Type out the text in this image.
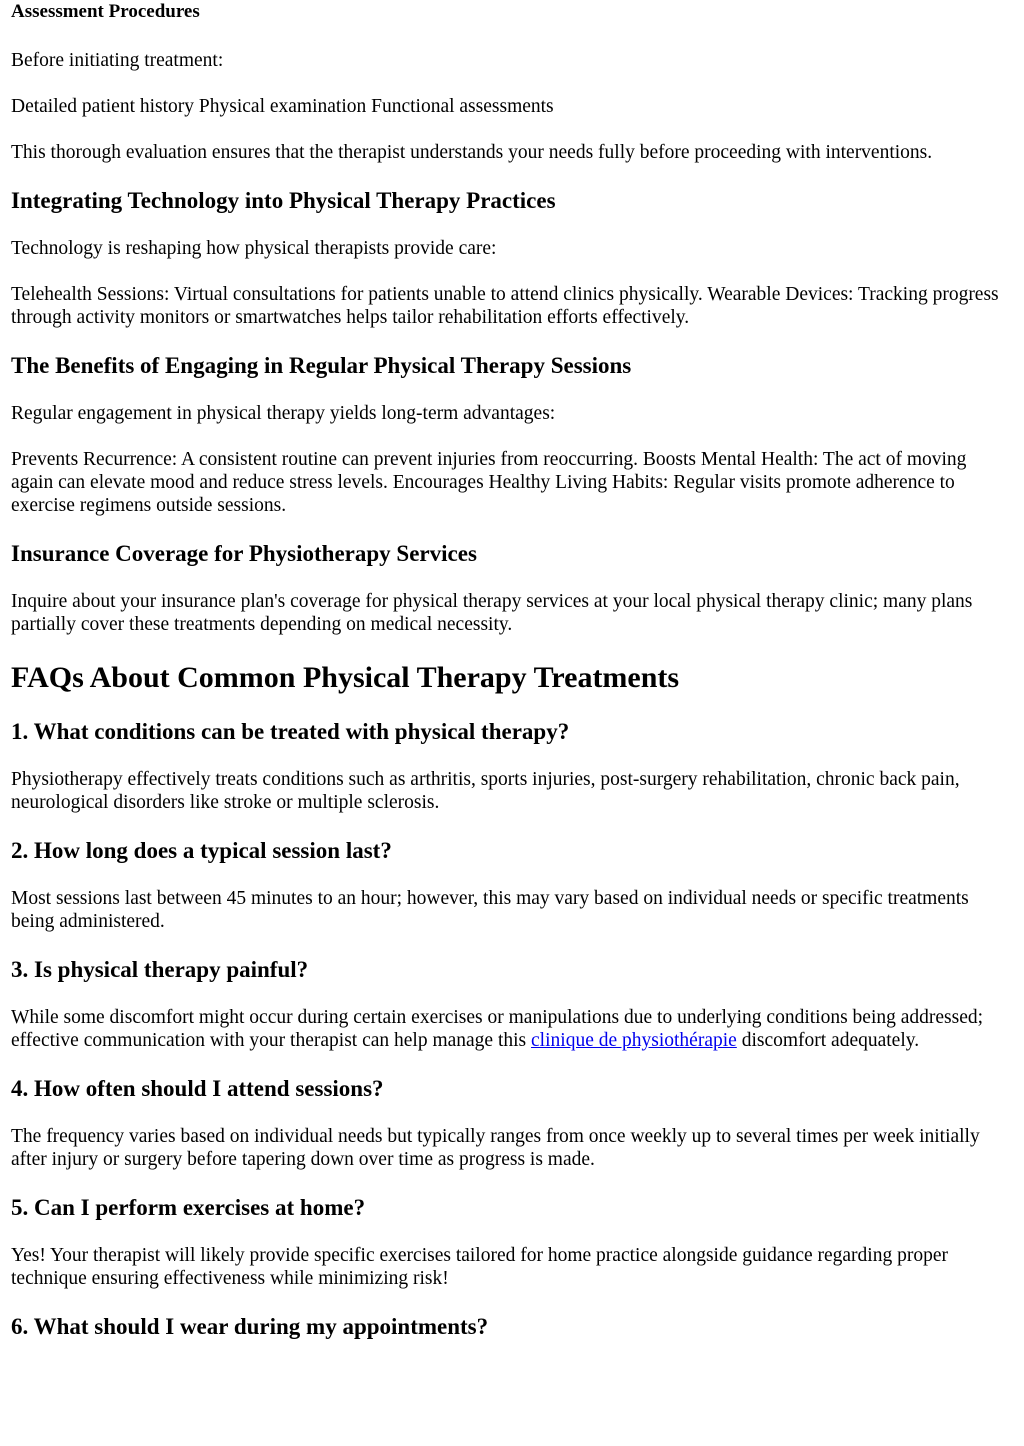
Assessment Procedures

Before initiating treatment:

Detailed patient history Physical examination Functional assessments

This thorough evaluation ensures that the therapist understands your needs fully before proceeding with interventions.

Integrating Technology into Physical Therapy Practices

Technology is reshaping how physical therapists provide care:

Telehealth Sessions: Virtual consultations for patients unable to attend clinics physically. Wearable Devices: Tracking progress through activity monitors or smartwatches helps tailor rehabilitation efforts effectively.

The Benefits of Engaging in Regular Physical Therapy Sessions

Regular engagement in physical therapy yields long-term advantages:

Prevents Recurrence: A consistent routine can prevent injuries from reoccurring. Boosts Mental Health: The act of moving again can elevate mood and reduce stress levels. Encourages Healthy Living Habits: Regular visits promote adherence to exercise regimens outside sessions.

Insurance Coverage for Physiotherapy Services

Inquire about your insurance plan's coverage for physical therapy services at your local physical therapy clinic; many plans partially cover these treatments depending on medical necessity.

FAQs About Common Physical Therapy Treatments
1. What conditions can be treated with physical therapy?

Physiotherapy effectively treats conditions such as arthritis, sports injuries, post-surgery rehabilitation, chronic back pain, neurological disorders like stroke or multiple sclerosis.

2. How long does a typical session last?

Most sessions last between 45 minutes to an hour; however, this may vary based on individual needs or specific treatments being administered.

3. Is physical therapy painful?

While some discomfort might occur during certain exercises or manipulations due to underlying conditions being addressed; effective communication with your therapist can help manage this clinique de physiothérapie discomfort adequately.

4. How often should I attend sessions?

The frequency varies based on individual needs but typically ranges from once weekly up to several times per week initially after injury or surgery before tapering down over time as progress is made.

5. Can I perform exercises at home?

Yes! Your therapist will likely provide specific exercises tailored for home practice alongside guidance regarding proper technique ensuring effectiveness while minimizing risk!

6. What should I wear during my appointments?
